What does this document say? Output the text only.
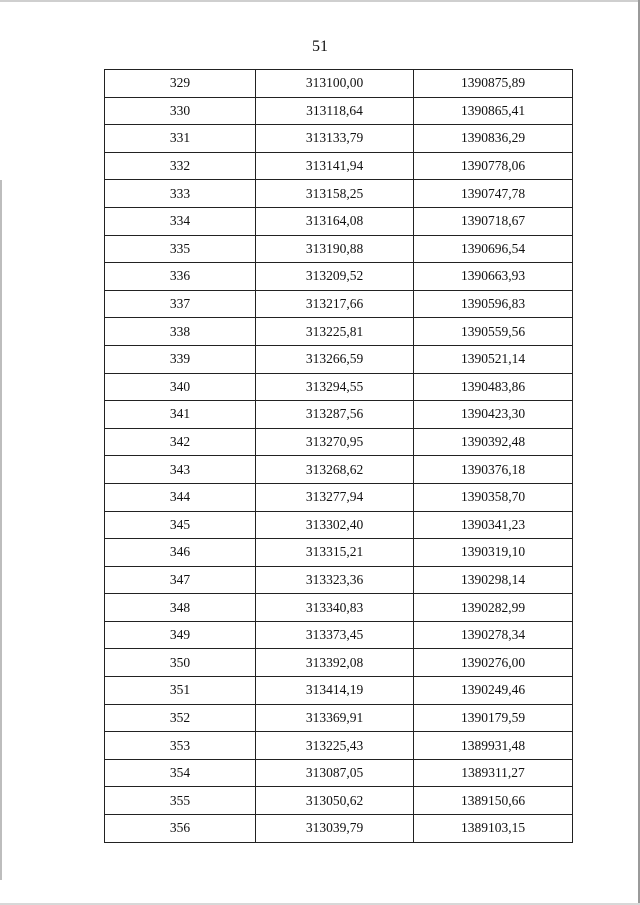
51
329	313100,00	1390875,89
330	313118,64	1390865,41
331	313133,79	1390836,29
332	313141,94	1390778,06
333	313158,25	1390747,78
334	313164,08	1390718,67
335	313190,88	1390696,54
336	313209,52	1390663,93
337	313217,66	1390596,83
338	313225,81	1390559,56
339	313266,59	1390521,14
340	313294,55	1390483,86
341	313287,56	1390423,30
342	313270,95	1390392,48
343	313268,62	1390376,18
344	313277,94	1390358,70
345	313302,40	1390341,23
346	313315,21	1390319,10
347	313323,36	1390298,14
348	313340,83	1390282,99
349	313373,45	1390278,34
350	313392,08	1390276,00
351	313414,19	1390249,46
352	313369,91	1390179,59
353	313225,43	1389931,48
354	313087,05	1389311,27
355	313050,62	1389150,66
356	313039,79	1389103,15
